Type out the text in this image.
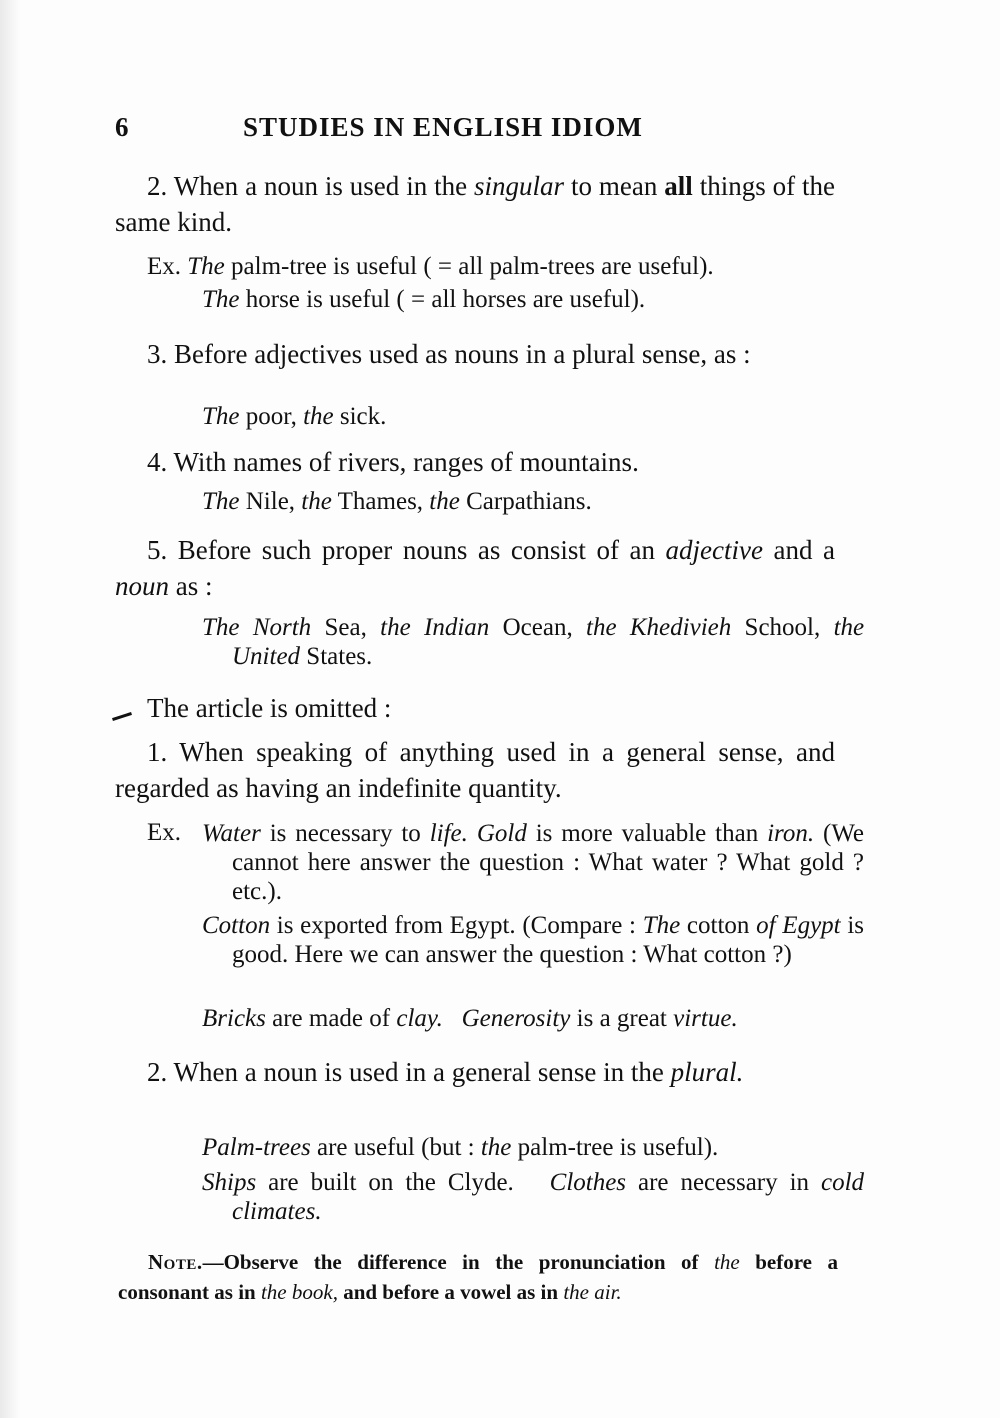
6	STUDIES IN ENGLISH IDIOM

2. When a noun is used in the singular to mean all things of the same kind.

Ex. The palm-tree is useful ( = all palm-trees are useful).

The horse is useful ( = all horses are useful).

3. Before adjectives used as nouns in a plural sense, as :

The poor, the sick.

4. With names of rivers, ranges of mountains.

The Nile, the Thames, the Carpathians.

5. Before such proper nouns as consist of an adjective and a noun as :

The North Sea, the Indian Ocean, the Khedivieh School, the United States.

The article is omitted :

1. When speaking of anything used in a general sense, and regarded as having an indefinite quantity.

Ex. Water is necessary to life. Gold is more valuable than iron. (We cannot here answer the question : What water ? What gold ? etc.).

Cotton is exported from Egypt. (Compare : The cotton of Egypt is good. Here we can answer the question : What cotton ?)

Bricks are made of clay. Generosity is a great virtue.

2. When a noun is used in a general sense in the plural.

Palm-trees are useful (but : the palm-tree is useful).

Ships are built on the Clyde. Clothes are necessary in cold climates.

Note.—Observe the difference in the pronunciation of the before a consonant as in the book, and before a vowel as in the air.
